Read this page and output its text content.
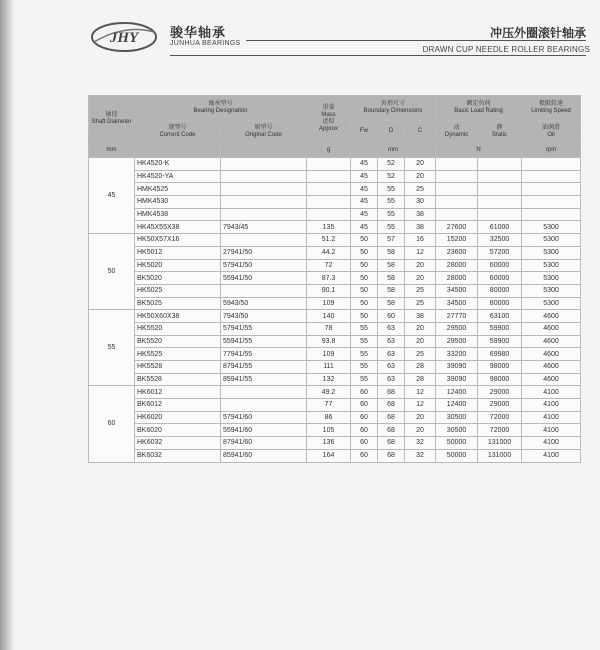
JHY 骏华轴承
JUNHUA BEARINGS
冲压外圈滚针轴承
DRAWN CUP NEEDLE ROLLER BEARINGS
轴径
Shaft Diameter	轴承型号
Bearing Designation		重量
Mass
近似
Approx	外形尺寸
Boundary Dimensions			额定负荷
Basic Load Rating		极限转速
Limiting Speed
	现型号
Current Code	原型号
Original Code		Fw	D	C	动
Dynamic	静
Static	油润滑
Oil
mm			g	mm			N		rpm
45	HK4520-K			45	52	20			
	HK4520-YA			45	52	20			
	HMK4525			45	55	25			
	HMK4530			45	55	30			
	HMK4538			45	55	38			
	HK45X55X38	7943/45	135	45	55	38	27600	61000	5300
50	HK50X57X16		51.2	50	57	16	15200	32500	5300
	HK5012	27941/50	44.2	50	58	12	23600	57200	5300
	HK5020	57941/50	72	50	58	20	28000	60000	5300
	BK5020	55941/50	87.3	50	58	20	28000	60000	5300
	HK5025		90.1	50	58	25	34500	80000	5300
	BK5025	5943/50	109	50	58	25	34500	80000	5300
55	HK50X60X38	7943/50	140	50	60	38	27770	63100	4600
	HK5520	57941/55	78	55	63	20	29500	59900	4600
	BK5520	55941/55	93.8	55	63	20	29500	59900	4600
	HK5525	77941/55	109	55	63	25	33200	69980	4600
	HK5528	87941/55	111	55	63	28	39090	98000	4600
	BK5528	85941/55	132	55	63	28	39090	98000	4600
60	HK6012		49.2	60	68	12	12400	29000	4100
	BK6012		77	60	68	12	12400	29000	4100
	HK6020	57941/60	86	60	68	20	30500	72000	4100
	BK6020	55941/60	105	60	68	20	30500	72000	4100
	HK6032	87941/60	136	60	68	32	50000	131000	4100
	BK6032	85941/60	164	60	68	32	50000	131000	4100
